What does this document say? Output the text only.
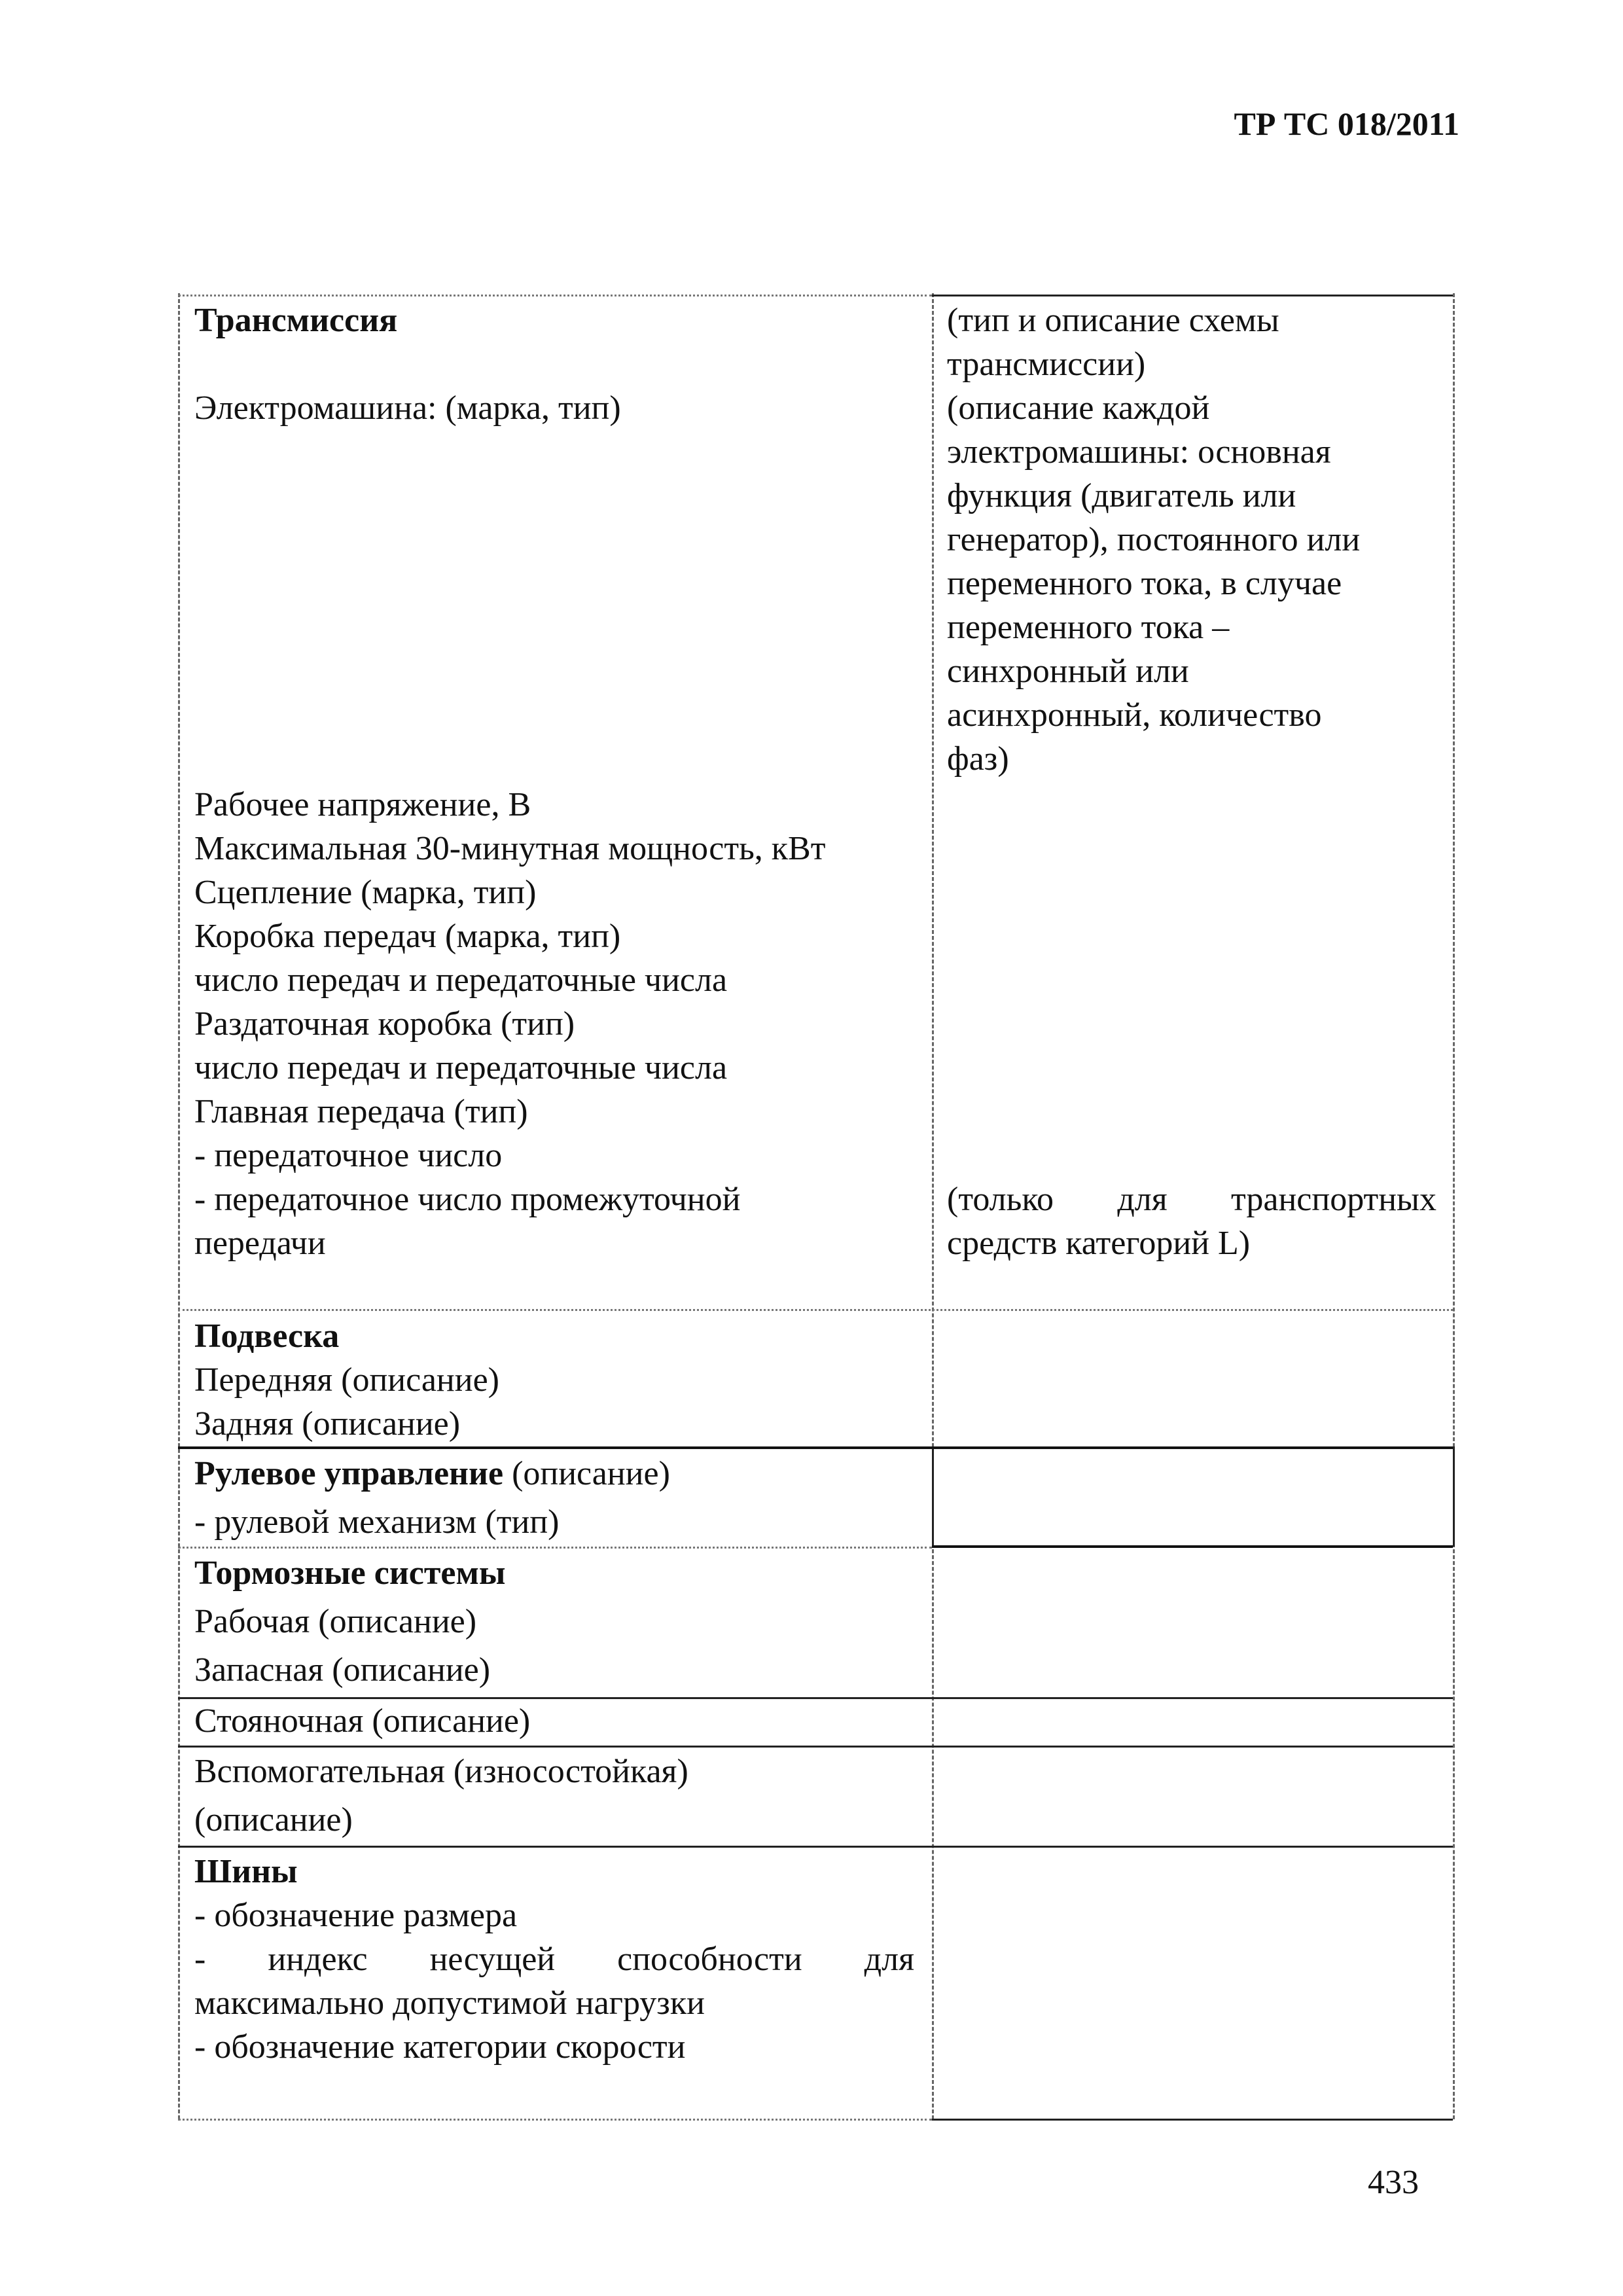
ТР ТС 018/2011
Трансмиссия	(тип и описание схемы
трансмиссии)
Электромашина: (марка, тип)	(описание каждой
электромашины: основная
функция (двигатель или
генератор), постоянного или
переменного тока, в случае
переменного тока –
синхронный или
асинхронный, количество
фаз)
Рабочее напряжение, В
Максимальная 30-минутная мощность, кВт
Сцепление (марка, тип)
Коробка передач (марка, тип)
число передач и передаточные числа
Раздаточная коробка (тип)
число передач и передаточные числа
Главная передача (тип)
- передаточное число
- передаточное число промежуточной
передачи
(только для транспортных
средств категорий L)
Подвеска
Передняя (описание)
Задняя (описание)
Рулевое управление (описание)
- рулевой механизм (тип)
Тормозные системы
Рабочая (описание)
Запасная (описание)
Стояночная (описание)
Вспомогательная (износостойкая)
(описание)
Шины
- обозначение размера
- индекс несущей способности для
максимально допустимой нагрузки
- обозначение категории скорости
433
